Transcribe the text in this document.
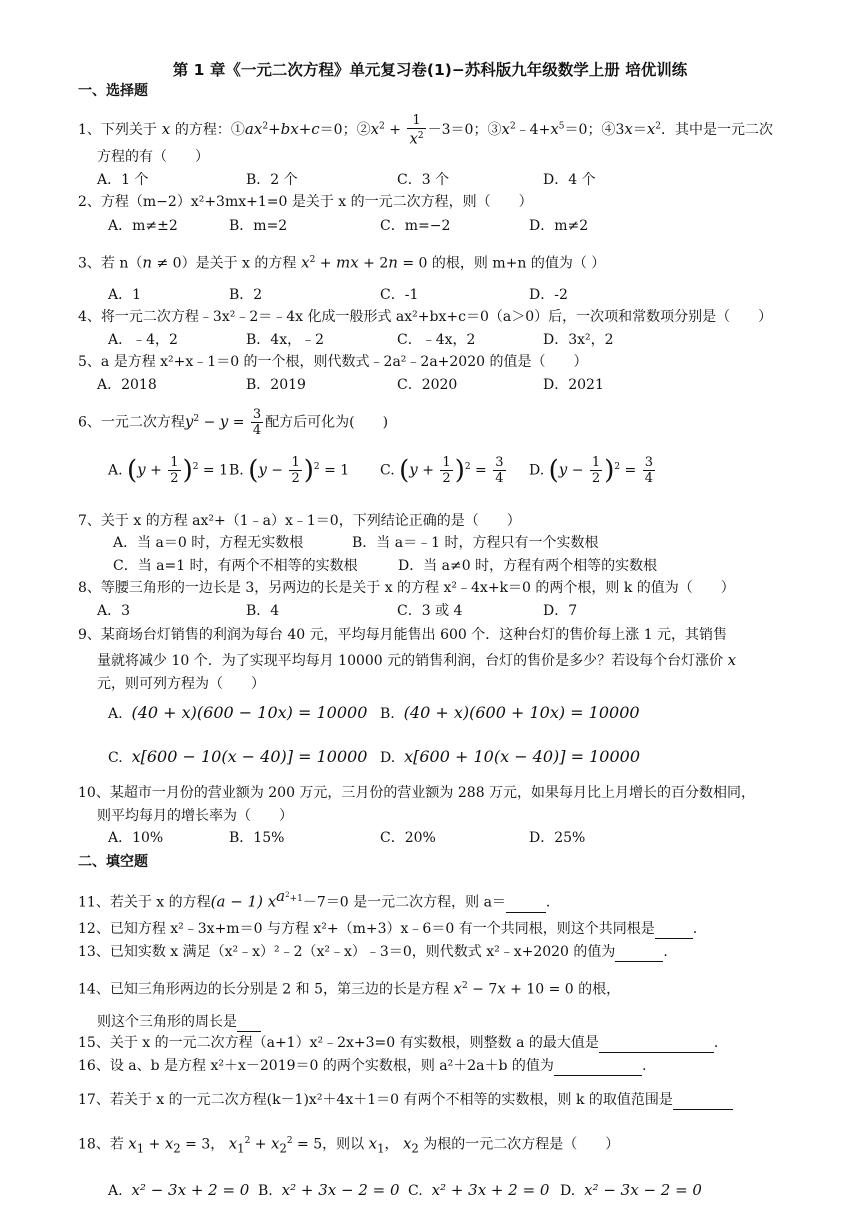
第 1 章《一元二次方程》单元复习卷(1)−苏科版九年级数学上册 培优训练
一、选择题
1、下列关于 x 的方程：$①ax^2+bx+c=0$；$②x^2 + \frac{1}{x^2} -3=0$；$③x^2﹣4+x^5=0$；$④3x=x^2$．其中是一元二次
方程的有（　　）
A．1 个	B．2 个	C．3 个	D．4 个
2、方程（m−2）x²+3mx+1=0 是关于 x 的一元二次方程，则（　　）
A．m≠±2	B．m=2	C．m=−2	D．m≠2
3、若 n（n ≠ 0）是关于 x 的方程 $x^2$ + mx + 2n = 0 的根，则 m+n 的值为（ ）
A．1	B．2	C．-1	D．-2
4、将一元二次方程﹣3x²﹣2＝﹣4x 化成一般形式 ax²+bx+c＝0（a＞0）后，一次项和常数项分别是（　　）
A．﹣4，2	B．4x，﹣2	C．﹣4x，2	D．3x²，2
5、a 是方程 x²+x﹣1＝0 的一个根，则代数式﹣2a²﹣2a+2020 的值是（　　）
A．2018	B．2019	C．2020	D．2021
6、一元二次方程$y^2 - y = \frac{3}{4}$ 配方后可化为(　　)
A. $(y + \frac{1}{2} )^2 = 1$ B. $(y - \frac{1}{2} )^2 = 1$ C. $(y + \frac{1}{2} )^2 = \frac{3}{4} D$. $(y - \frac{1}{2} )^2 = \frac{3}{4}$
7、关于 x 的方程 ax²+（1﹣a）x﹣1＝0，下列结论正确的是（　　）
A．当 a＝0 时，方程无实数根	B．当 a＝﹣1 时，方程只有一个实数根
C．当 a=1 时，有两个不相等的实数根	D．当 a≠0 时，方程有两个相等的实数根
8、等腰三角形的一边长是 3，另两边的长是关于 x 的方程 x²﹣4x+k＝0 的两个根，则 k 的值为（　　）
A．3	B．4	C．3 或 4	D．7
9、某商场台灯销售的利润为每台 40 元，平均每月能售出 600 个．这种台灯的售价每上涨 1 元，其销售
量就将减少 10 个．为了实现平均每月 10000 元的销售利润，台灯的售价是多少？若设每个台灯涨价 x
元，则可列方程为（　　）
A. (40 + x)(600 − 10x) = 10000 B. (40 + x)(600 + 10x) = 10000
C. x[600 − 10(x − 40)] = 10000 D. x[600 + 10(x − 40)] = 10000
10、某超市一月份的营业额为 200 万元，三月份的营业额为 288 万元，如果每月比上月增长的百分数相同，
则平均每月的增长率为（　　）
A．10%	B．15%	C．20%	D．25%
二、填空题
11、若关于 x 的方程(a − 1) $x^{a^2+1}-7=0$ 是一元二次方程，则 a＝	.
12、已知方程 x²﹣3x+m＝0 与方程 x²+（m+3）x﹣6＝0 有一个共同根，则这个共同根是	.
13、已知实数 x 满足（x²﹣x）²﹣2（x²﹣x）﹣3＝0，则代数式 x²﹣x+2020 的值为	.
14、已知三角形两边的长分别是 2 和 5，第三边的长是方程 $x^2 - 7x + 10 = 0$ 的根，
则这个三角形的周长是
15、关于 x 的一元二次方程（a+1）x²﹣2x+3=0 有实数根，则整数 a 的最大值是	.
16、设 a、b 是方程 x²＋x－2019＝0 的两个实数根，则 a²＋2a＋b 的值为	.
17、若关于 x 的一元二次方程(k－1)x²＋4x＋1＝0 有两个不相等的实数根，则 k 的取值范围是
18、若 $x_1 + x_2 = 3$， $x_1^2 + x_2^2 = 5$，则以 $x_1$， $x_2$ 为根的一元二次方程是（　　）
A. x² − 3x + 2 = 0 B. x² + 3x − 2 = 0 C. x² + 3x + 2 = 0 D. x² − 3x − 2 = 0
